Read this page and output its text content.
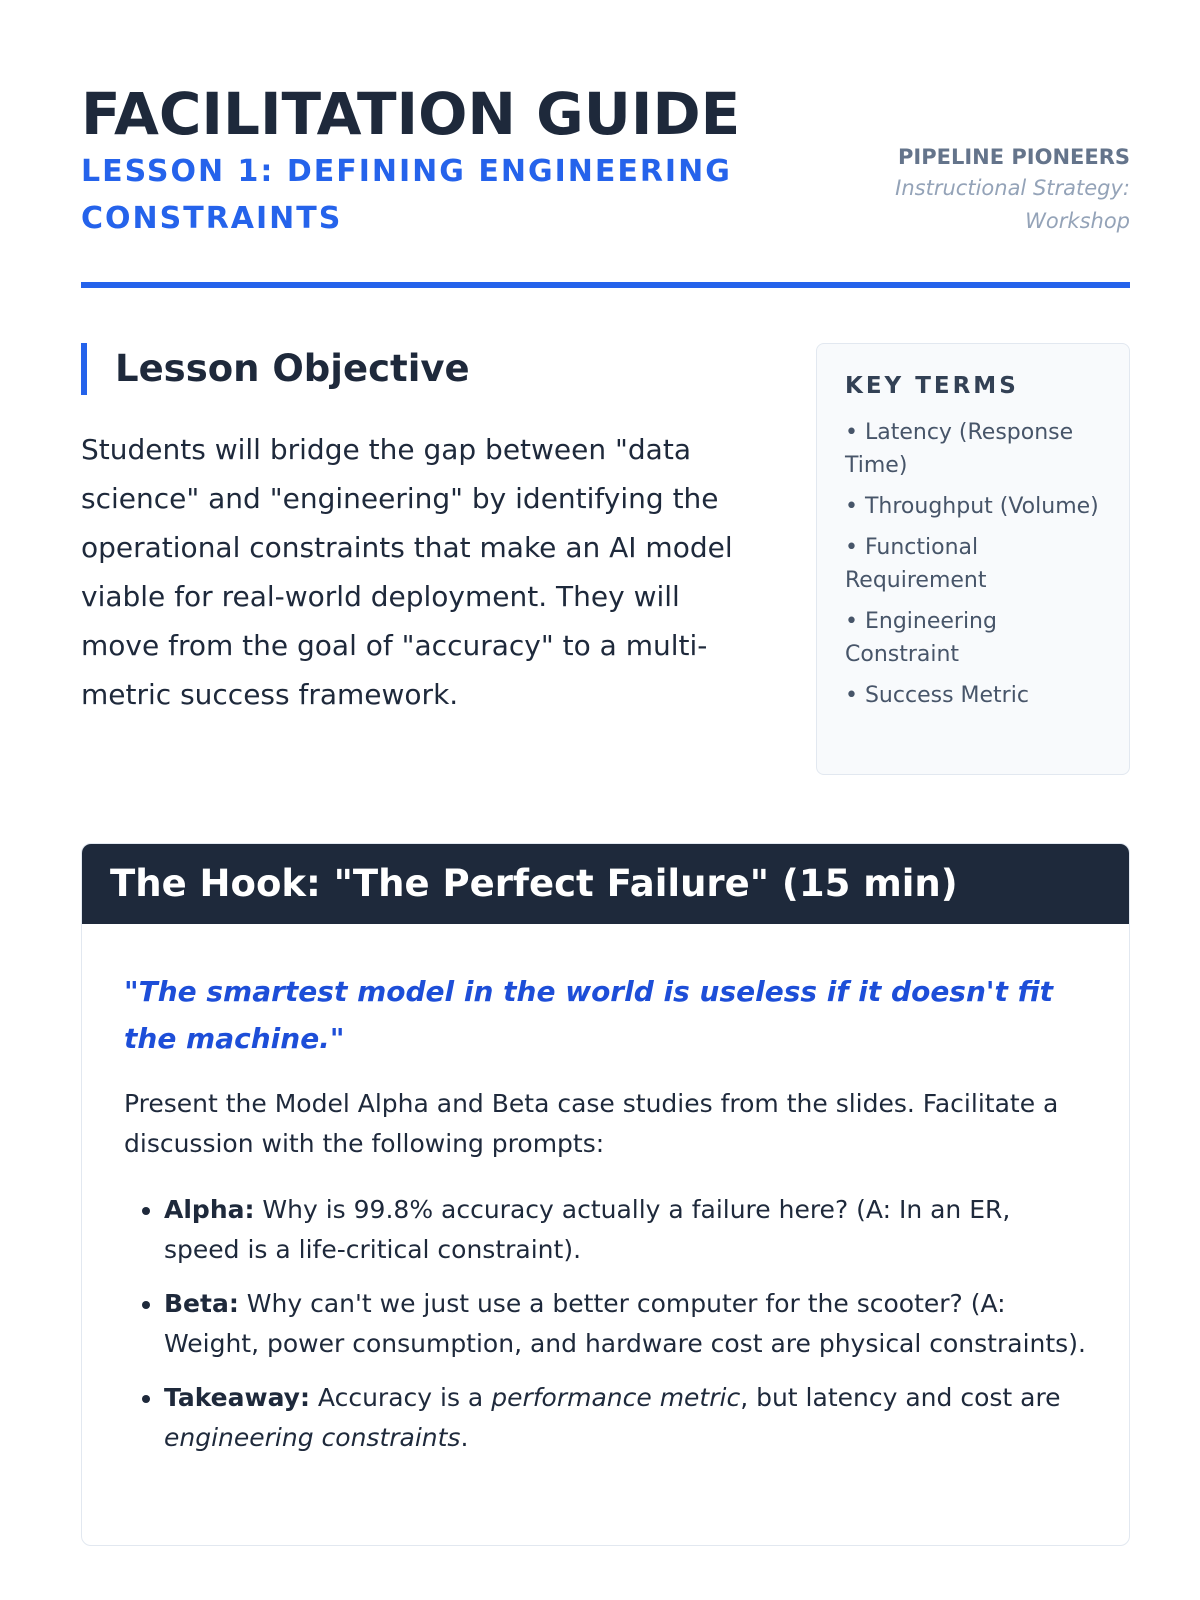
FACILITATION GUIDE
LESSON 1: DEFINING ENGINEERING CONSTRAINTS
PIPELINE PIONEERS
Instructional Strategy: Workshop
Lesson Objective

Students will bridge the gap between "data science" and "engineering" by identifying the operational constraints that make an AI model viable for real-world deployment. They will move from the goal of "accuracy" to a multi-metric success framework.

KEY TERMS
• Latency (Response Time)
• Throughput (Volume)
• Functional Requirement
• Engineering Constraint
• Success Metric
The Hook: "The Perfect Failure" (15 min)

"The smartest model in the world is useless if it doesn't fit the machine."

Present the Model Alpha and Beta case studies from the slides. Facilitate a discussion with the following prompts:

• Alpha: Why is 99.8% accuracy actually a failure here? (A: In an ER, speed is a life-critical constraint).
• Beta: Why can't we just use a better computer for the scooter? (A: Weight, power consumption, and hardware cost are physical constraints).
• Takeaway: Accuracy is a performance metric, but latency and cost are engineering constraints.
